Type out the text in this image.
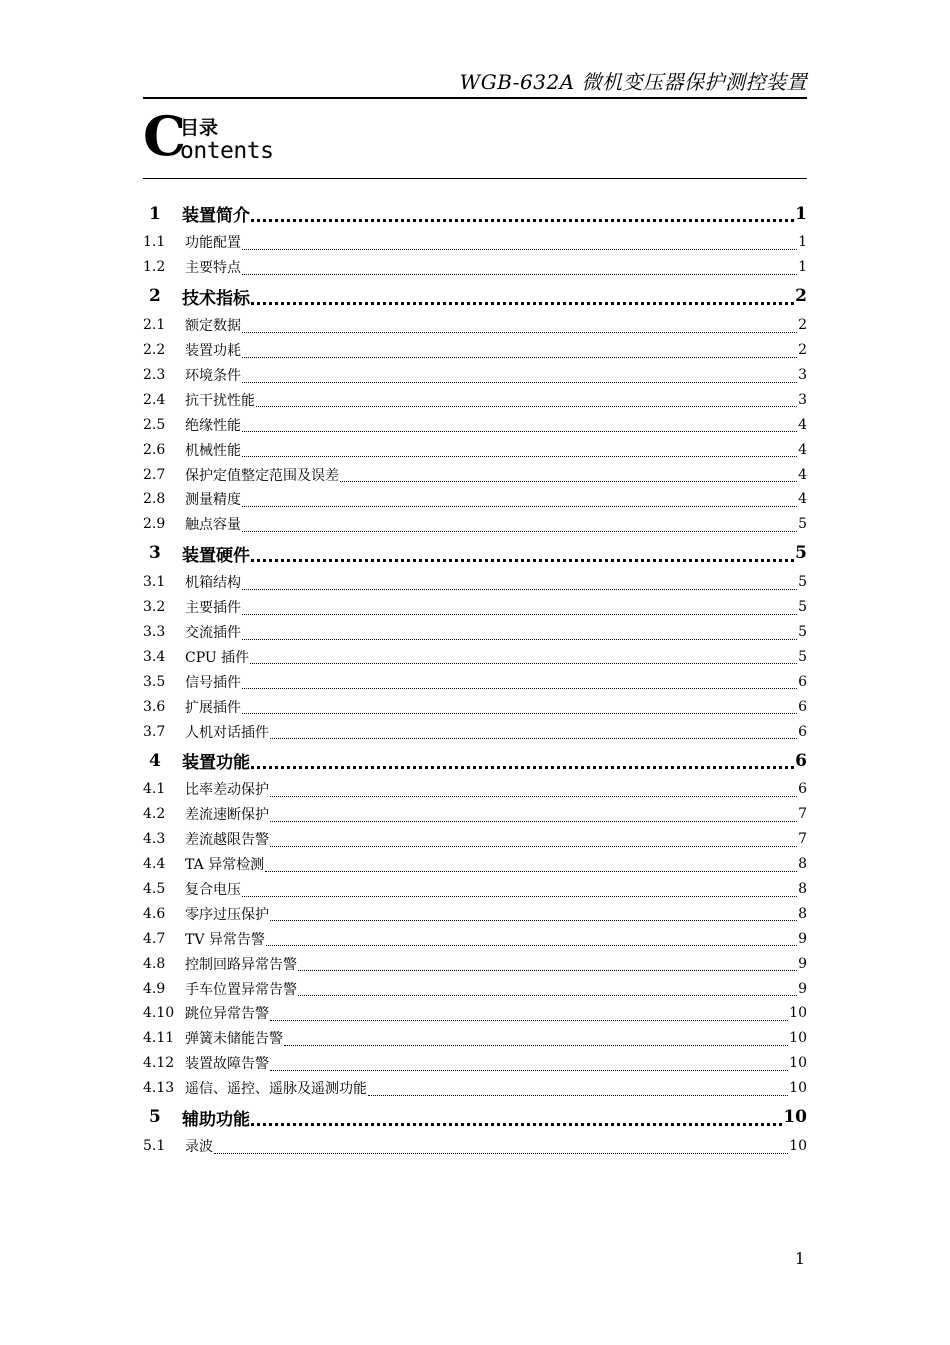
WGB-632A 微机变压器保护测控装置
C
目录
ontents
1	装置简介	1
1.1	功能配置	1
1.2	主要特点	1
2	技术指标	2
2.1	额定数据	2
2.2	装置功耗	2
2.3	环境条件	3
2.4	抗干扰性能	3
2.5	绝缘性能	4
2.6	机械性能	4
2.7	保护定值整定范围及误差	4
2.8	测量精度	4
2.9	触点容量	5
3	装置硬件	5
3.1	机箱结构	5
3.2	主要插件	5
3.3	交流插件	5
3.4	CPU 插件	5
3.5	信号插件	6
3.6	扩展插件	6
3.7	人机对话插件	6
4	装置功能	6
4.1	比率差动保护	6
4.2	差流速断保护	7
4.3	差流越限告警	7
4.4	TA 异常检测	8
4.5	复合电压	8
4.6	零序过压保护	8
4.7	TV 异常告警	9
4.8	控制回路异常告警	9
4.9	手车位置异常告警	9
4.10 跳位异常告警	10
4.11 弹簧未储能告警	10
4.12 装置故障告警	10
4.13 遥信、遥控、遥脉及遥测功能	10
5	辅助功能	10
5.1	录波	10
1
